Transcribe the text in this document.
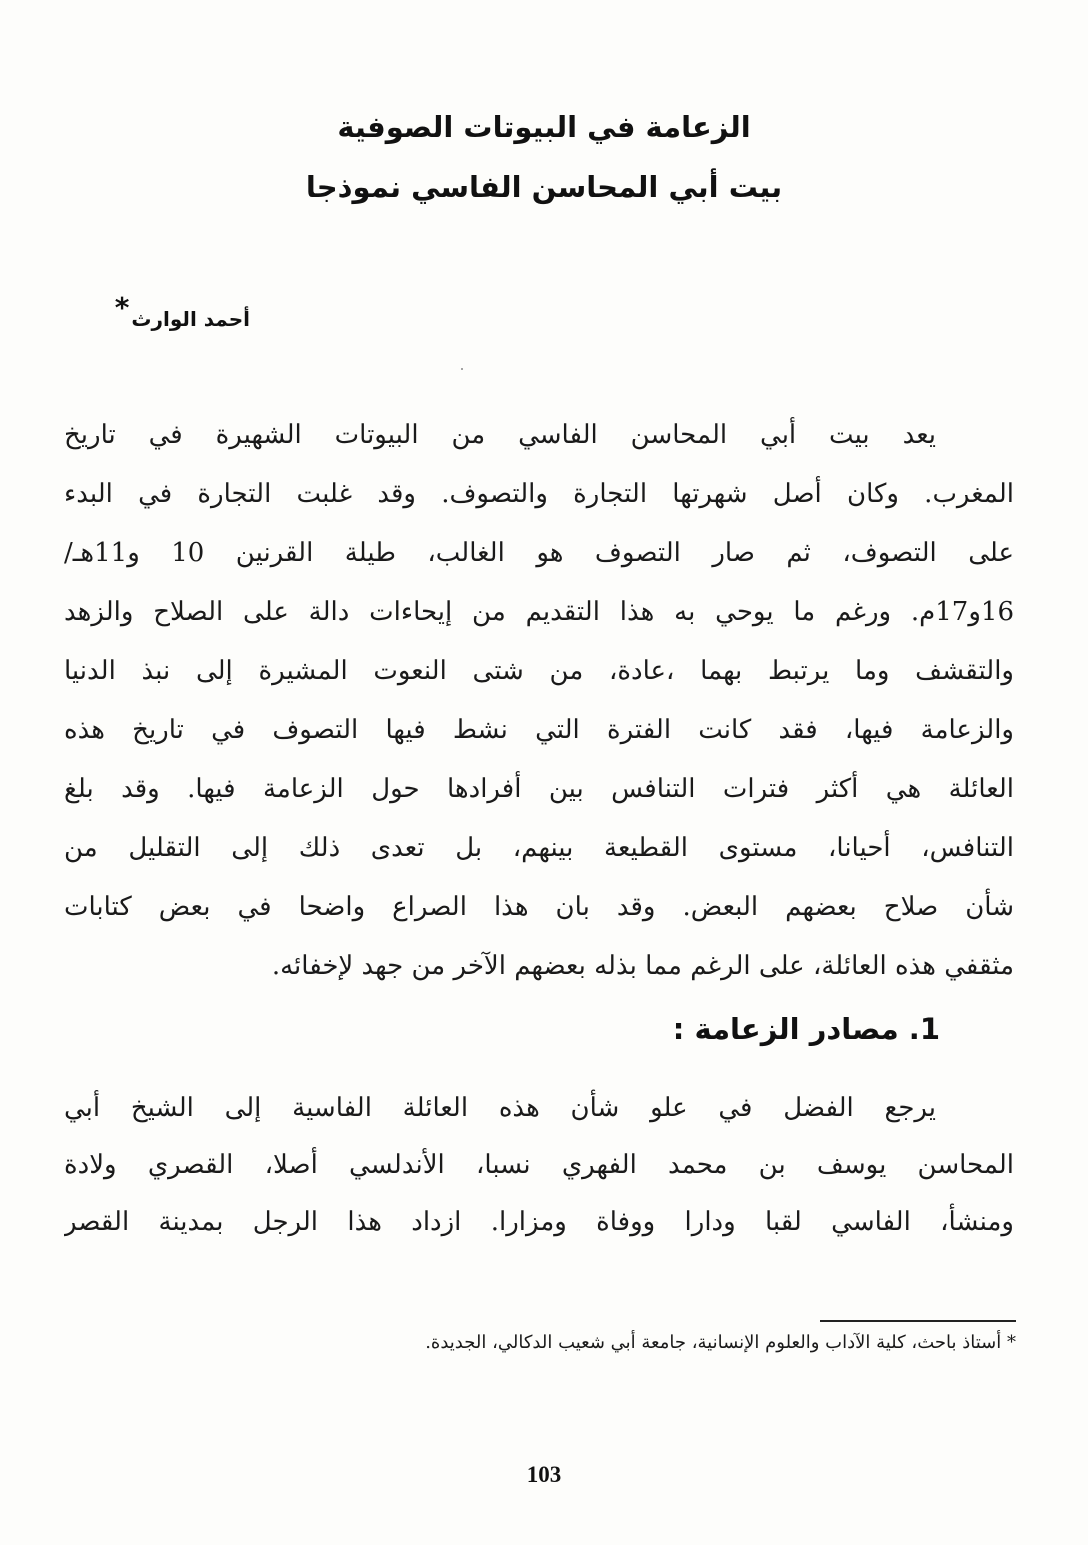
الزعامة في البيوتات الصوفية
بيت أبي المحاسن الفاسي نموذجا
أحمد الوارث*
يعد بيت أبي المحاسن الفاسي من البيوتات الشهيرة في تاريخ
المغرب. وكان أصل شهرتها التجارة والتصوف. وقد غلبت التجارة في البدء
على التصوف، ثم صار التصوف هو الغالب، طيلة القرنين 10 و11هـ/
16و17م. ورغم ما يوحي به هذا التقديم من إيحاءات دالة على الصلاح والزهد
والتقشف وما يرتبط بهما ،عادة، من شتى النعوت المشيرة إلى نبذ الدنيا
والزعامة فيها، فقد كانت الفترة التي نشط فيها التصوف في تاريخ هذه
العائلة هي أكثر فترات التنافس بين أفرادها حول الزعامة فيها. وقد بلغ
التنافس، أحيانا، مستوى القطيعة بينهم، بل تعدى ذلك إلى التقليل من
شأن صلاح بعضهم البعض. وقد بان هذا الصراع واضحا في بعض كتابات
مثقفي هذه العائلة، على الرغم مما بذله بعضهم الآخر من جهد لإخفائه.
1. مصادر الزعامة :
يرجع الفضل في علو شأن هذه العائلة الفاسية إلى الشيخ أبي
المحاسن يوسف بن محمد الفهري نسبا، الأندلسي أصلا، القصري ولادة
ومنشأ، الفاسي لقبا ودارا ووفاة ومزارا. ازداد هذا الرجل بمدينة القصر
* أستاذ باحث، كلية الآداب والعلوم الإنسانية، جامعة أبي شعيب الدكالي، الجديدة.
103
